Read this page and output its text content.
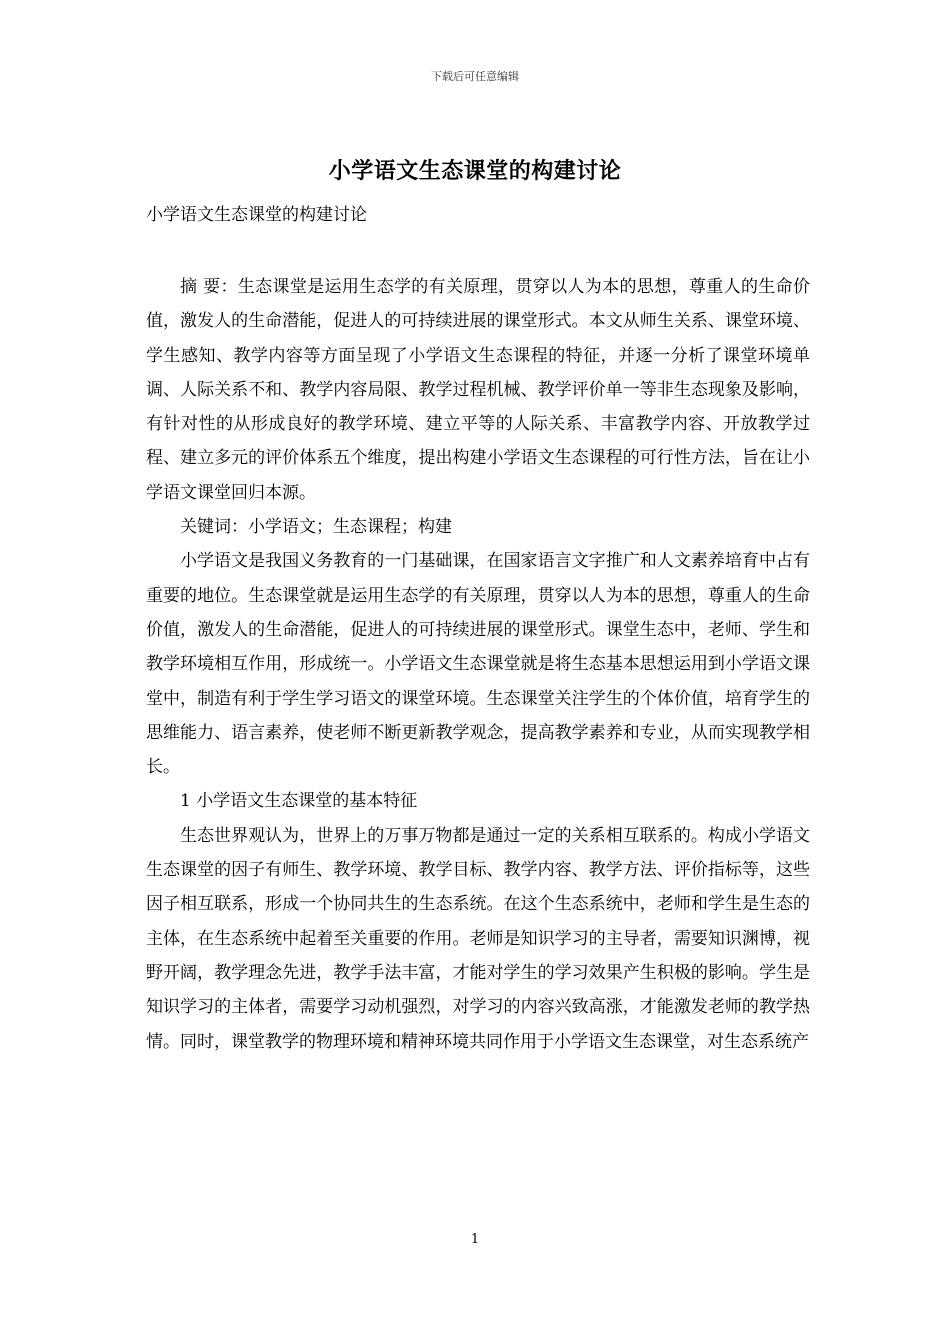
下载后可任意编辑
小学语文生态课堂的构建讨论
小学语文生态课堂的构建讨论

摘 要：生态课堂是运用生态学的有关原理，贯穿以人为本的思想，尊重人的生命价值，激发人的生命潜能，促进人的可持续进展的课堂形式。本文从师生关系、课堂环境、学生感知、教学内容等方面呈现了小学语文生态课程的特征，并逐一分析了课堂环境单调、人际关系不和、教学内容局限、教学过程机械、教学评价单一等非生态现象及影响，有针对性的从形成良好的教学环境、建立平等的人际关系、丰富教学内容、开放教学过程、建立多元的评价体系五个维度，提出构建小学语文生态课程的可行性方法，旨在让小学语文课堂回归本源。

关键词：小学语文；生态课程；构建

小学语文是我国义务教育的一门基础课，在国家语言文字推广和人文素养培育中占有重要的地位。生态课堂就是运用生态学的有关原理，贯穿以人为本的思想，尊重人的生命价值，激发人的生命潜能，促进人的可持续进展的课堂形式。课堂生态中，老师、学生和教学环境相互作用，形成统一。小学语文生态课堂就是将生态基本思想运用到小学语文课堂中，制造有利于学生学习语文的课堂环境。生态课堂关注学生的个体价值，培育学生的思维能力、语言素养，使老师不断更新教学观念，提高教学素养和专业，从而实现教学相长。

1 小学语文生态课堂的基本特征

生态世界观认为，世界上的万事万物都是通过一定的关系相互联系的。构成小学语文生态课堂的因子有师生、教学环境、教学目标、教学内容、教学方法、评价指标等，这些因子相互联系，形成一个协同共生的生态系统。在这个生态系统中，老师和学生是生态的主体，在生态系统中起着至关重要的作用。老师是知识学习的主导者，需要知识渊博，视野开阔，教学理念先进，教学手法丰富，才能对学生的学习效果产生积极的影响。学生是知识学习的主体者，需要学习动机强烈，对学习的内容兴致高涨，才能激发老师的教学热情。同时，课堂教学的物理环境和精神环境共同作用于小学语文生态课堂，对生态系统产

1
